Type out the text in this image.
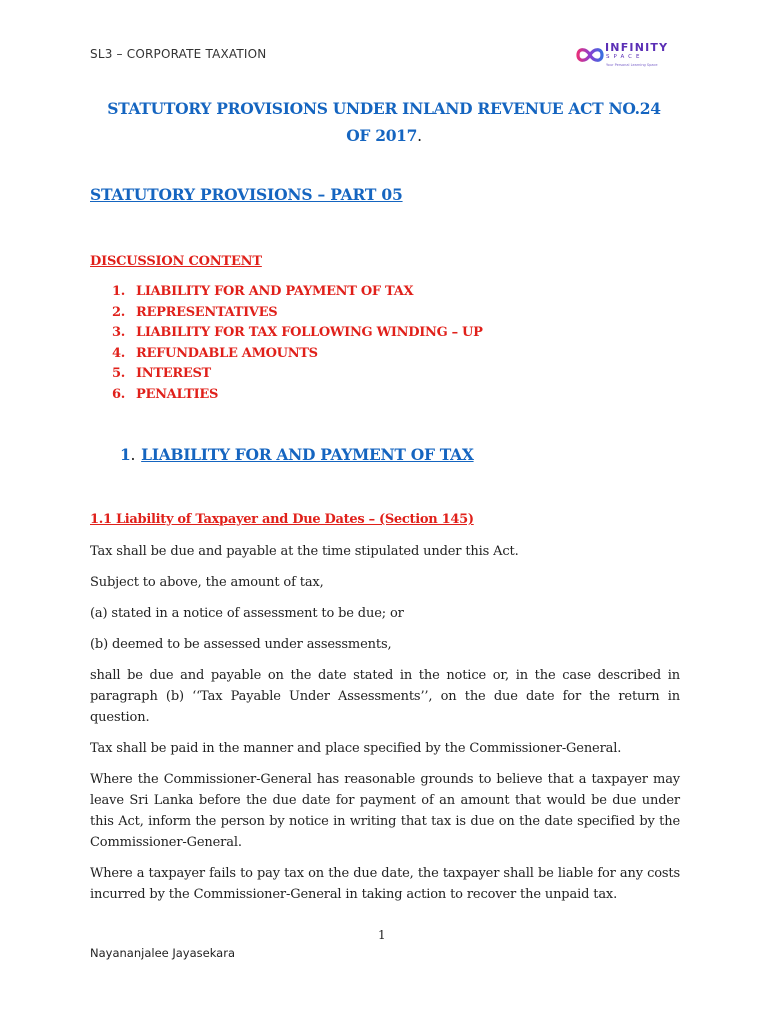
SL3 – CORPORATE TAXATION	INFINITY
SPACE
Your Personal Learning Space
STATUTORY PROVISIONS UNDER INLAND REVENUE ACT NO.24
OF 2017.
STATUTORY PROVISIONS – PART 05
DISCUSSION CONTENT
1. LIABILITY FOR AND PAYMENT OF TAX
2. REPRESENTATIVES
3. LIABILITY FOR TAX FOLLOWING WINDING – UP
4. REFUNDABLE AMOUNTS
5. INTEREST
6. PENALTIES
1. LIABILITY FOR AND PAYMENT OF TAX
1.1 Liability of Taxpayer and Due Dates – (Section 145)

Tax shall be due and payable at the time stipulated under this Act.

Subject to above, the amount of tax,

(a) stated in a notice of assessment to be due; or

(b) deemed to be assessed under assessments,

shall be due and payable on the date stated in the notice or, in the case described in paragraph (b) ‘‘Tax Payable Under Assessments’’, on the due date for the return in question.

Tax shall be paid in the manner and place specified by the Commissioner-General.

Where the Commissioner-General has reasonable grounds to believe that a taxpayer may leave Sri Lanka before the due date for payment of an amount that would be due under this Act, inform the person by notice in writing that tax is due on the date specified by the Commissioner-General.

Where a taxpayer fails to pay tax on the due date, the taxpayer shall be liable for any costs incurred by the Commissioner-General in taking action to recover the unpaid tax.

1
Nayananjalee Jayasekara
